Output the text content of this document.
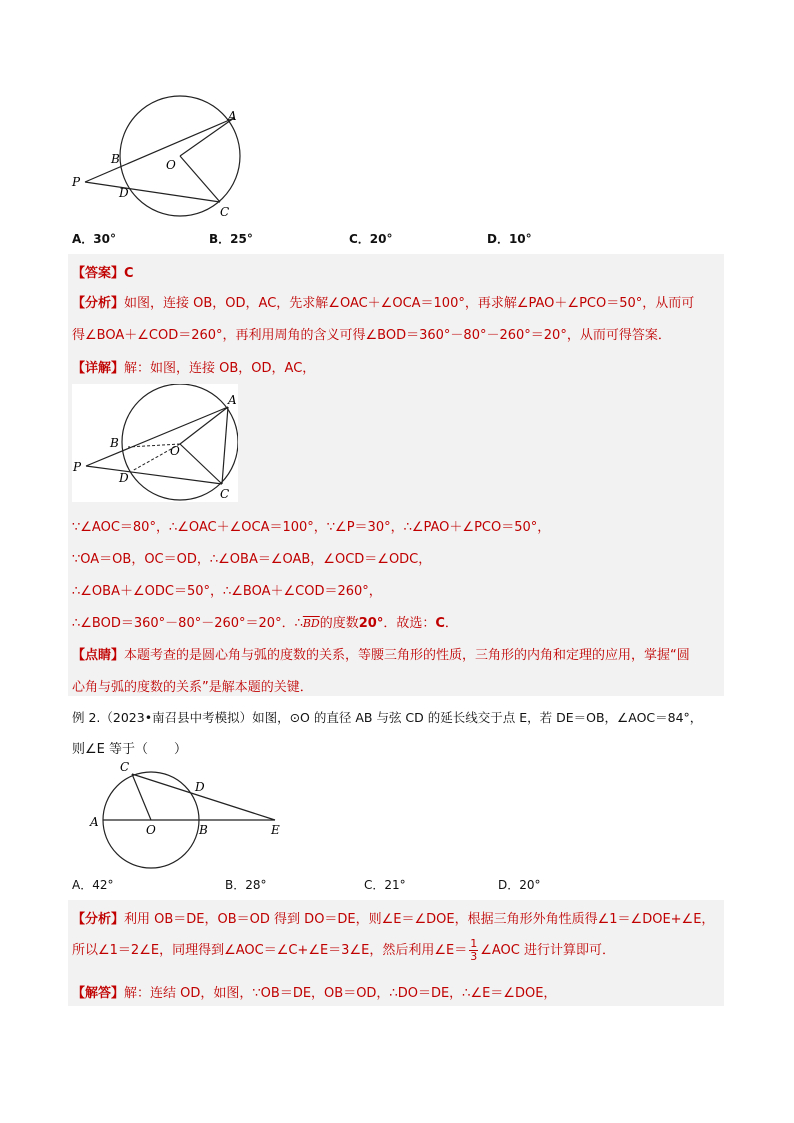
A
B	O
P
D
C
A．30°	B．25°	C．20°	D．10°
【答案】C
【分析】如图，连接 OB，OD，AC，先求解∠OAC＋∠OCA＝100°，再求解∠PAO＋∠PCO＝50°，从而可
得∠BOA＋∠COD＝260°，再利用周角的含义可得∠BOD＝360°－80°－260°＝20°，从而可得答案．
【详解】解：如图，连接 OB，OD，AC，
A
B
O
P
D
C
∵∠AOC＝80°，∴∠OAC＋∠OCA＝100°，∵∠P＝30°，∴∠PAO＋∠PCO＝50°，
∵OA＝OB，OC＝OD，∴∠OBA＝∠OAB，∠OCD＝∠ODC，
∴∠OBA＋∠ODC＝50°，∴∠BOA＋∠COD＝260°，
∴∠BOD＝360°－80°－260°＝20°．$\therefore\overline{BD}$的度数20°．故选：C．
【点睛】本题考查的是圆心角与弧的度数的关系，等腰三角形的性质，三角形的内角和定理的应用，掌握“圆
心角与弧的度数的关系”是解本题的关键．
例 2.（2023•南召县中考模拟）如图，⊙O 的直径 AB 与弦 CD 的延长线交于点 E，若 DE＝OB，∠AOC＝84°，
则∠E 等于（　　）
C
D
A
O	B	E
A．42°	B．28°	C．21°	D．20°
【分析】利用 OB＝DE，OB＝OD 得到 DO＝DE，则∠E＝∠DOE，根据三角形外角性质得∠1＝∠DOE+∠E，
所以∠1＝2∠E，同理得到∠AOC＝∠C+∠E＝3∠E，然后利用∠E＝ $\frac{1}{3}$ ∠AOC 进行计算即可．
【解答】解：连结 OD，如图，∵OB＝DE，OB＝OD，∴DO＝DE，∴∠E＝∠DOE，
